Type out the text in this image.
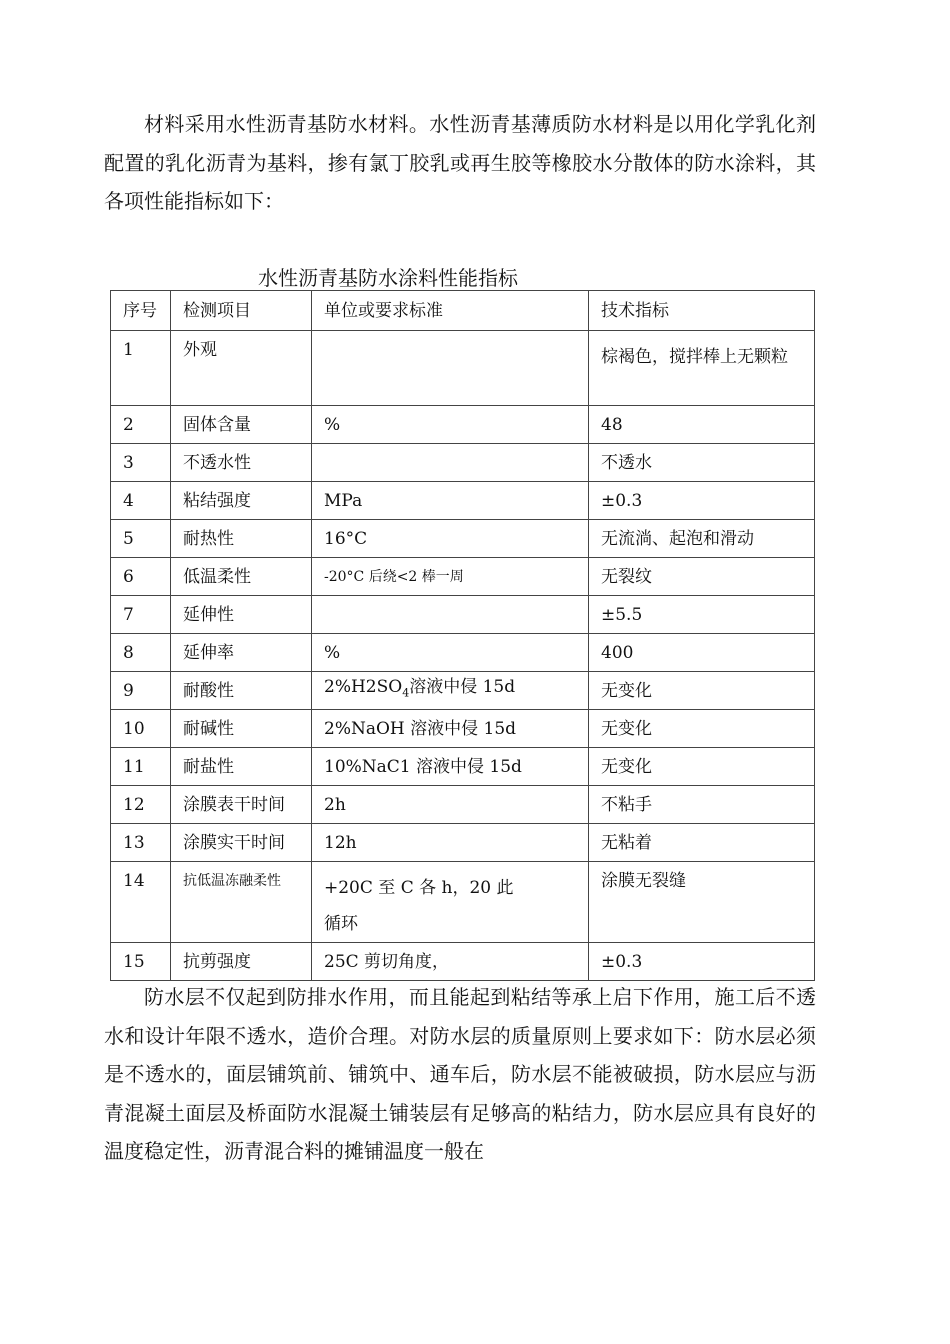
材料采用水性沥青基防水材料。水性沥青基薄质防水材料是以用化学乳化剂配置的乳化沥青为基料，掺有氯丁胶乳或再生胶等橡胶水分散体的防水涂料，其各项性能指标如下：

水性沥青基防水涂料性能指标

序号	检测项目	单位或要求标准	技术指标
1	外观		棕褐色，搅拌棒上无颗粒
2	固体含量	%	48
3	不透水性		不透水
4	粘结强度	MPa	±0.3
5	耐热性	16°C	无流淌、起泡和滑动
6	低温柔性	-20°C 后绕<2 棒一周	无裂纹
7	延伸性		±5.5
8	延伸率	%	400
9	耐酸性	$2\%H2SO_4$溶液中侵 15d	无变化
10	耐碱性	2%NaOH 溶液中侵 15d	无变化
11	耐盐性	10%NaC1 溶液中侵 15d	无变化
12	涂膜表干时间	2h	不粘手
13	涂膜实干时间	12h	无粘着
14	抗低温冻融柔性	+20C 至 C 各 h，20 此循环	涂膜无裂缝
15	抗剪强度	25C 剪切角度，	±0.3

防水层不仅起到防排水作用，而且能起到粘结等承上启下作用，施工后不透水和设计年限不透水，造价合理。对防水层的质量原则上要求如下：防水层必须是不透水的，面层铺筑前、铺筑中、通车后，防水层不能被破损，防水层应与沥青混凝土面层及桥面防水混凝土铺装层有足够高的粘结力，防水层应具有良好的温度稳定性，沥青混合料的摊铺温度一般在
